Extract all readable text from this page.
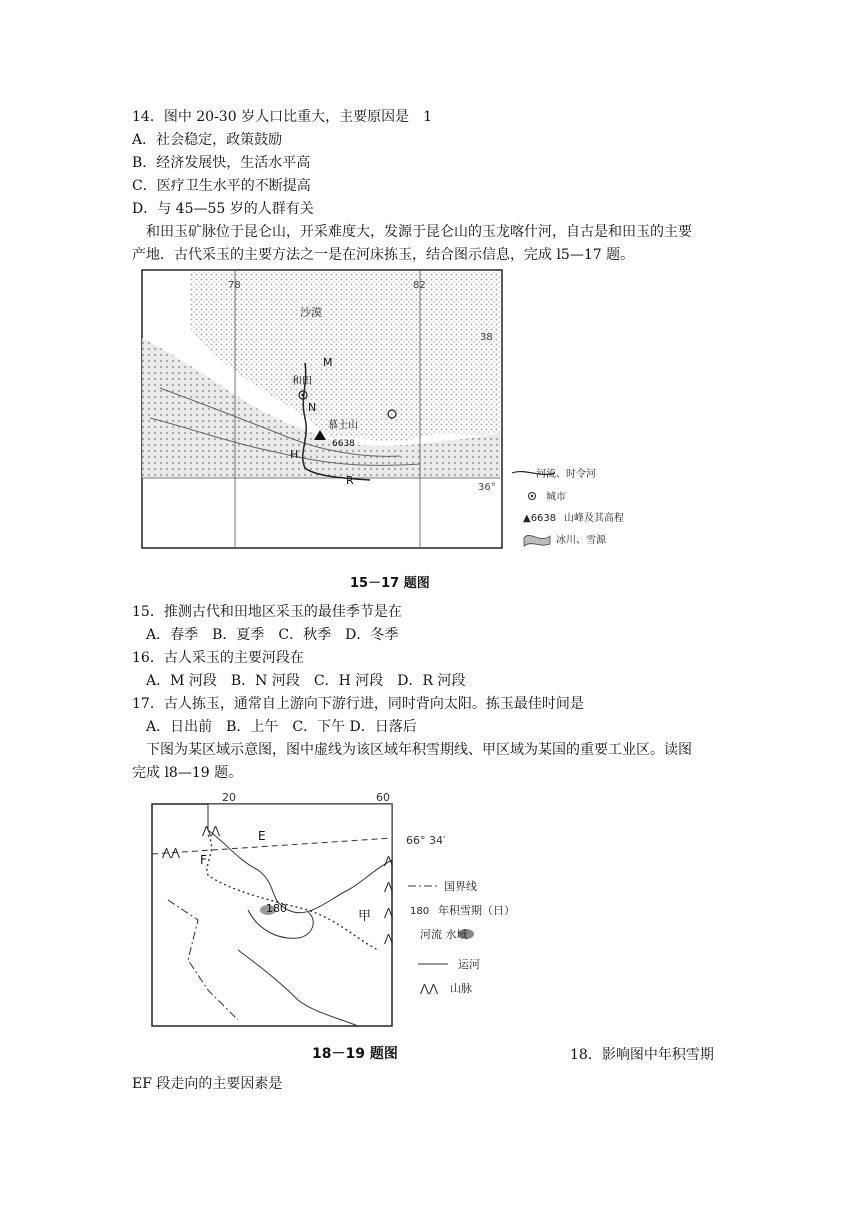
14．图中 20-30 岁人口比重大，主要原因是　1
A．社会稳定，政策鼓励
B．经济发展快，生活水平高
C．医疗卫生水平的不断提高
D．与 45—55 岁的人群有关
和田玉矿脉位于昆仑山，开采难度大，发源于昆仑山的玉龙喀什河，自古是和田玉的主要
产地．古代采玉的主要方法之一是在河床拣玉，结合图示信息，完成 l5—17 题。
78	82
38
36°
沙漠
M
和田
N
H
R
慕士山
6638
河流、时令河
城市
▲6638 山峰及其高程
冰川、雪源
15－17 题图
15．推测古代和田地区采玉的最佳季节是在
A．春季　B．夏季　C．秋季　D．冬季
16．古人采玉的主要河段在
A．M 河段　B．N 河段　C．H 河段　D．R 河段
17．古人拣玉，通常自上游向下游行进，同时背向太阳。拣玉最佳时间是
A．日出前　B．上午　C．下午 D．日落后
下图为某区域示意图，图中虚线为该区域年积雪期线、甲区域为某国的重要工业区。读图
完成 l8—19 题。
⋀
⋀
⋀
⋀
⋀⋀
⋀⋀
20	60
66° 34′
E
F
180
甲
国界线
180 年积雪期（日）
河流 水域
运河
⋀⋀ 山脉
18－19 题图	18．影响图中年积雪期
EF 段走向的主要因素是
